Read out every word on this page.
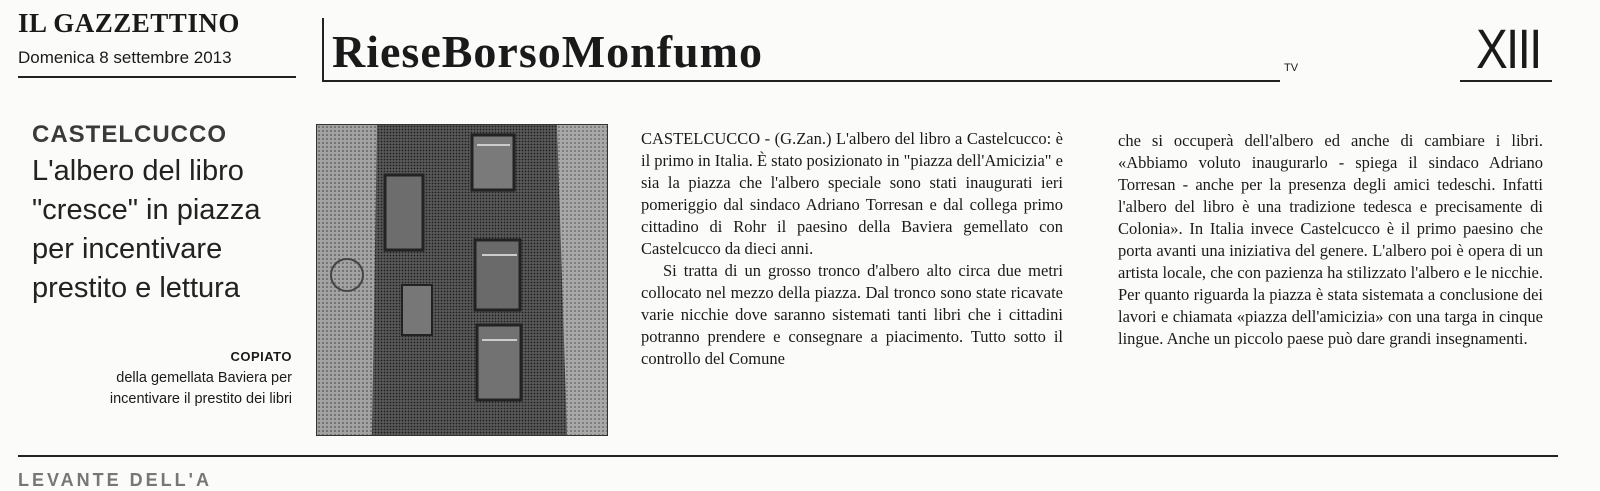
IL GAZZETTINO
Domenica 8 settembre 2013 RieseBorsoMonfumo	TV	XIII
CASTELCUCCO
L'albero del libro "cresce" in piazza per incentivare prestito e lettura
COPIATO
della gemellata Baviera per incentivare il prestito dei libri

CASTELCUCCO - (G.Zan.) L'albero del libro a Castelcucco: è il primo in Italia. È stato posizionato in "piazza dell'Amicizia" e sia la piazza che l'albero speciale sono stati inaugurati ieri pomeriggio dal sindaco Adriano Torresan e dal collega primo cittadino di Rohr il paesino della Baviera gemellato con Castelcucco da dieci anni.

Si tratta di un grosso tronco d'albero alto circa due metri collocato nel mezzo della piazza. Dal tronco sono state ricavate varie nicchie dove saranno sistemati tanti libri che i cittadini potranno prendere e consegnare a piacimento. Tutto sotto il controllo del Comune

che si occuperà dell'albero ed anche di cambiare i libri. «Abbiamo voluto inaugurarlo - spiega il sindaco Adriano Torresan - anche per la presenza degli amici tedeschi. Infatti l'albero del libro è una tradizione tedesca e precisamente di Colonia». In Italia invece Castelcucco è il primo paesino che porta avanti una iniziativa del genere. L'albero poi è opera di un artista locale, che con pazienza ha stilizzato l'albero e le nicchie. Per quanto riguarda la piazza è stata sistemata a conclusione dei lavori e chiamata «piazza dell'amicizia» con una targa in cinque lingue. Anche un piccolo paese può dare grandi insegnamenti.

LEVANTE DELL'A
